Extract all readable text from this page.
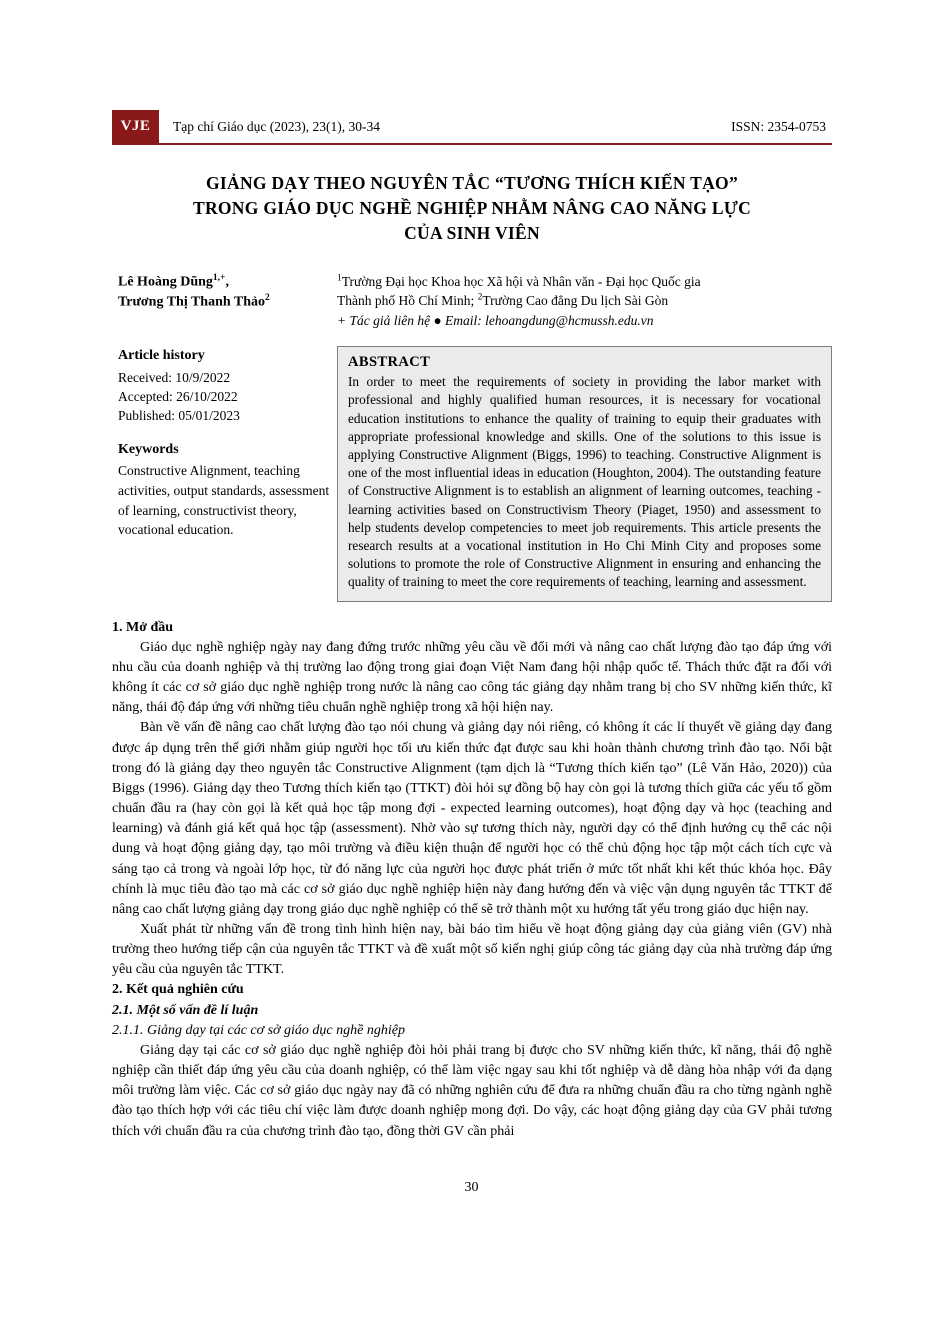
VJE	Tạp chí Giáo dục (2023), 23(1), 30-34	ISSN: 2354-0753
GIẢNG DẠY THEO NGUYÊN TẮC “TƯƠNG THÍCH KIẾN TẠO”
TRONG GIÁO DỤC NGHỀ NGHIỆP NHẰM NÂNG CAO NĂNG LỰC
CỦA SINH VIÊN
Lê Hoàng Dũng$^{1,+}$,
Trương Thị Thanh Thảo$^2$
$^1$Trường Đại học Khoa học Xã hội và Nhân văn - Đại học Quốc gia
Thành phố Hồ Chí Minh; $^2$Trường Cao đẳng Du lịch Sài Gòn
+ Tác giả liên hệ ● Email: lehoangdung@hcmussh.edu.vn
Article history
Received: 10/9/2022
Accepted: 26/10/2022
Published: 05/01/2023
Keywords
Constructive Alignment, teaching activities, output standards, assessment of learning, constructivist theory, vocational education.
ABSTRACT

In order to meet the requirements of society in providing the labor market with professional and highly qualified human resources, it is necessary for vocational education institutions to enhance the quality of training to equip their graduates with appropriate professional knowledge and skills. One of the solutions to this issue is applying Constructive Alignment (Biggs, 1996) to teaching. Constructive Alignment is one of the most influential ideas in education (Houghton, 2004). The outstanding feature of Constructive Alignment is to establish an alignment of learning outcomes, teaching - learning activities based on Constructivism Theory (Piaget, 1950) and assessment to help students develop competencies to meet job requirements. This article presents the research results at a vocational institution in Ho Chi Minh City and proposes some solutions to promote the role of Constructive Alignment in ensuring and enhancing the quality of training to meet the core requirements of teaching, learning and assessment.

1. Mở đầu

Giáo dục nghề nghiệp ngày nay đang đứng trước những yêu cầu về đổi mới và nâng cao chất lượng đào tạo đáp ứng với nhu cầu của doanh nghiệp và thị trường lao động trong giai đoạn Việt Nam đang hội nhập quốc tế. Thách thức đặt ra đối với không ít các cơ sở giáo dục nghề nghiệp trong nước là nâng cao công tác giảng dạy nhằm trang bị cho SV những kiến thức, kĩ năng, thái độ đáp ứng với những tiêu chuẩn nghề nghiệp trong xã hội hiện nay.

Bàn về vấn đề nâng cao chất lượng đào tạo nói chung và giảng dạy nói riêng, có không ít các lí thuyết về giảng dạy đang được áp dụng trên thế giới nhằm giúp người học tối ưu kiến thức đạt được sau khi hoàn thành chương trình đào tạo. Nổi bật trong đó là giảng dạy theo nguyên tắc Constructive Alignment (tạm dịch là “Tương thích kiến tạo” (Lê Văn Hảo, 2020)) của Biggs (1996). Giảng dạy theo Tương thích kiến tạo (TTKT) đòi hỏi sự đồng bộ hay còn gọi là tương thích giữa các yếu tố gồm chuẩn đầu ra (hay còn gọi là kết quả học tập mong đợi - expected learning outcomes), hoạt động dạy và học (teaching and learning) và đánh giá kết quả học tập (assessment). Nhờ vào sự tương thích này, người dạy có thể định hướng cụ thể các nội dung và hoạt động giảng dạy, tạo môi trường và điều kiện thuận để người học có thể chủ động học tập một cách tích cực và sáng tạo cả trong và ngoài lớp học, từ đó năng lực của người học được phát triển ở mức tốt nhất khi kết thúc khóa học. Đây chính là mục tiêu đào tạo mà các cơ sở giáo dục nghề nghiệp hiện này đang hướng đến và việc vận dụng nguyên tắc TTKT để nâng cao chất lượng giảng dạy trong giáo dục nghề nghiệp có thể sẽ trở thành một xu hướng tất yếu trong giáo dục hiện nay.

Xuất phát từ những vấn đề trong tình hình hiện nay, bài báo tìm hiểu về hoạt động giảng dạy của giảng viên (GV) nhà trường theo hướng tiếp cận của nguyên tắc TTKT và đề xuất một số kiến nghị giúp công tác giảng dạy của nhà trường đáp ứng yêu cầu của nguyên tắc TTKT.

2. Kết quả nghiên cứu

2.1. Một số vấn đề lí luận

2.1.1. Giảng dạy tại các cơ sở giáo dục nghề nghiệp

Giảng dạy tại các cơ sở giáo dục nghề nghiệp đòi hỏi phải trang bị được cho SV những kiến thức, kĩ năng, thái độ nghề nghiệp cần thiết đáp ứng yêu cầu của doanh nghiệp, có thể làm việc ngay sau khi tốt nghiệp và dễ dàng hòa nhập với đa dạng môi trường làm việc. Các cơ sở giáo dục ngày nay đã có những nghiên cứu để đưa ra những chuẩn đầu ra cho từng ngành nghề đào tạo thích hợp với các tiêu chí việc làm được doanh nghiệp mong đợi. Do vậy, các hoạt động giảng dạy của GV phải tương thích với chuẩn đầu ra của chương trình đào tạo, đồng thời GV cần phải

30
